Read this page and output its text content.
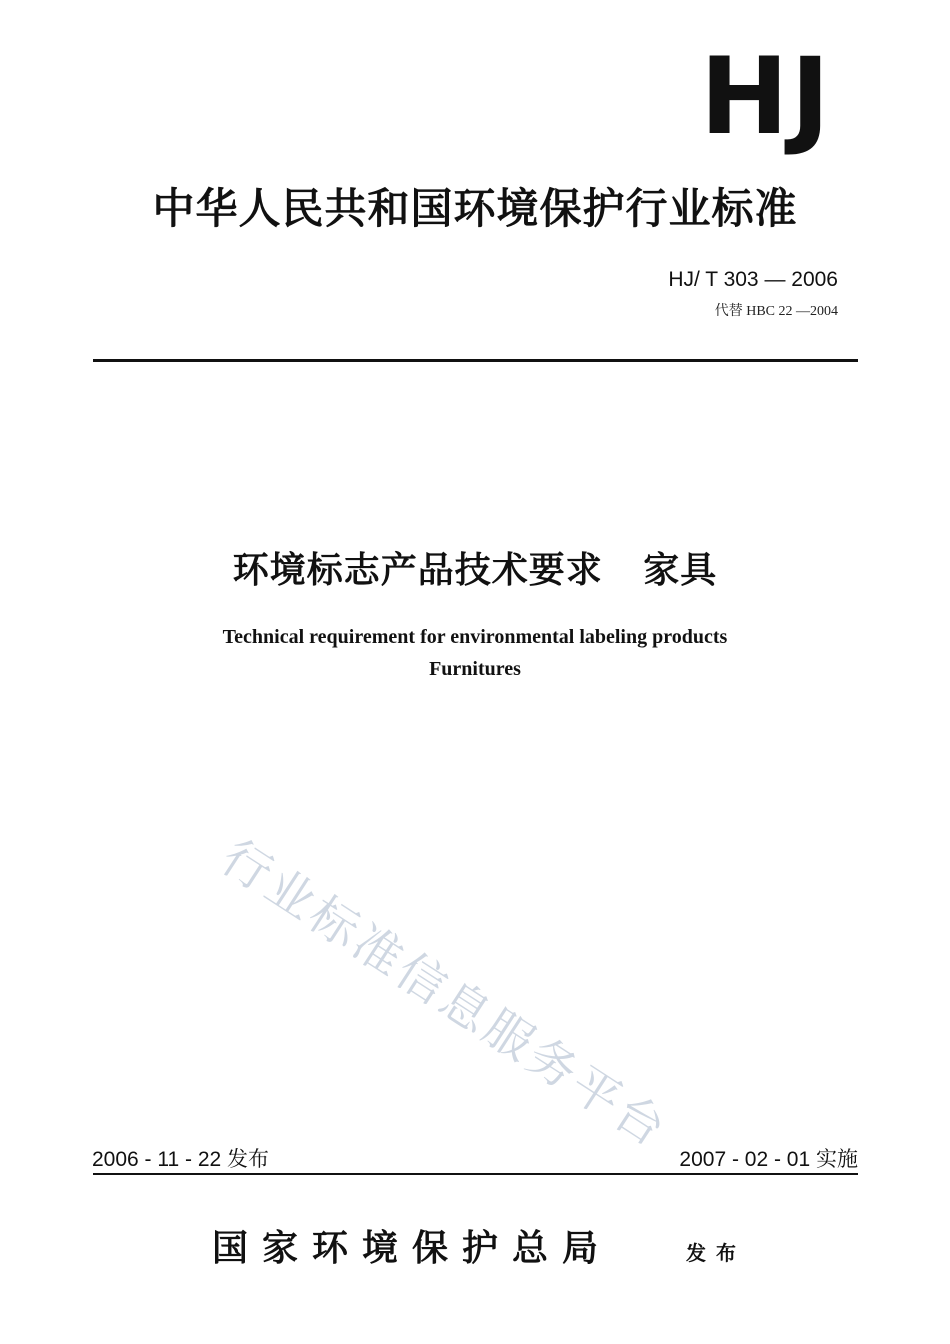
HJ
中华人民共和国环境保护行业标准
HJ/ T 303 — 2006
代替 HBC 22 —2004
环境标志产品技术要求   家具
Technical requirement for environmental labeling products
Furnitures
行业标准信息服务平台
2006 - 11 - 22 发布	2007 - 02 - 01 实施
国家环境保护总局	发布
